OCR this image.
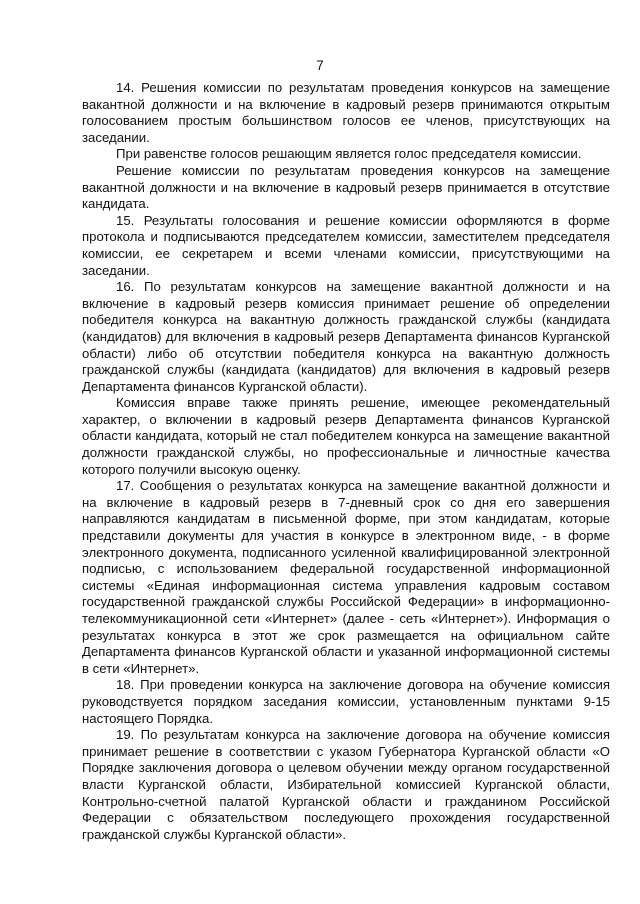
7

14. Решения комиссии по результатам проведения конкурсов на замещение вакантной должности и на включение в кадровый резерв принимаются открытым голосованием простым большинством голосов ее членов, присутствующих на заседании.

При равенстве голосов решающим является голос председателя комиссии.

Решение комиссии по результатам проведения конкурсов на замещение вакантной должности и на включение в кадровый резерв принимается в отсутствие кандидата.

15. Результаты голосования и решение комиссии оформляются в форме протокола и подписываются председателем комиссии, заместителем председателя комиссии, ее секретарем и всеми членами комиссии, присутствующими на заседании.

16. По результатам конкурсов на замещение вакантной должности и на включение в кадровый резерв комиссия принимает решение об определении победителя конкурса на вакантную должность гражданской службы (кандидата (кандидатов) для включения в кадровый резерв Департамента финансов Курганской области) либо об отсутствии победителя конкурса на вакантную должность гражданской службы (кандидата (кандидатов) для включения в кадровый резерв Департамента финансов Курганской области).

Комиссия вправе также принять решение, имеющее рекомендательный характер, о включении в кадровый резерв Департамента финансов Курганской области кандидата, который не стал победителем конкурса на замещение вакантной должности гражданской службы, но профессиональные и личностные качества которого получили высокую оценку.

17. Сообщения о результатах конкурса на замещение вакантной должности и на включение в кадровый резерв в 7-дневный срок со дня его завершения направляются кандидатам в письменной форме, при этом кандидатам, которые представили документы для участия в конкурсе в электронном виде, - в форме электронного документа, подписанного усиленной квалифицированной электронной подписью, с использованием федеральной государственной информационной системы «Единая информационная система управления кадровым составом государственной гражданской службы Российской Федерации» в информационно-телекоммуникационной сети «Интернет» (далее - сеть «Интернет»). Информация о результатах конкурса в этот же срок размещается на официальном сайте Департамента финансов Курганской области и указанной информационной системы в сети «Интернет».

18. При проведении конкурса на заключение договора на обучение комиссия руководствуется порядком заседания комиссии, установленным пунктами 9-15 настоящего Порядка.

19. По результатам конкурса на заключение договора на обучение комиссия принимает решение в соответствии с указом Губернатора Курганской области «О Порядке заключения договора о целевом обучении между органом государственной власти Курганской области, Избирательной комиссией Курганской области, Контрольно-счетной палатой Курганской области и гражданином Российской Федерации с обязательством последующего прохождения государственной гражданской службы Курганской области».
